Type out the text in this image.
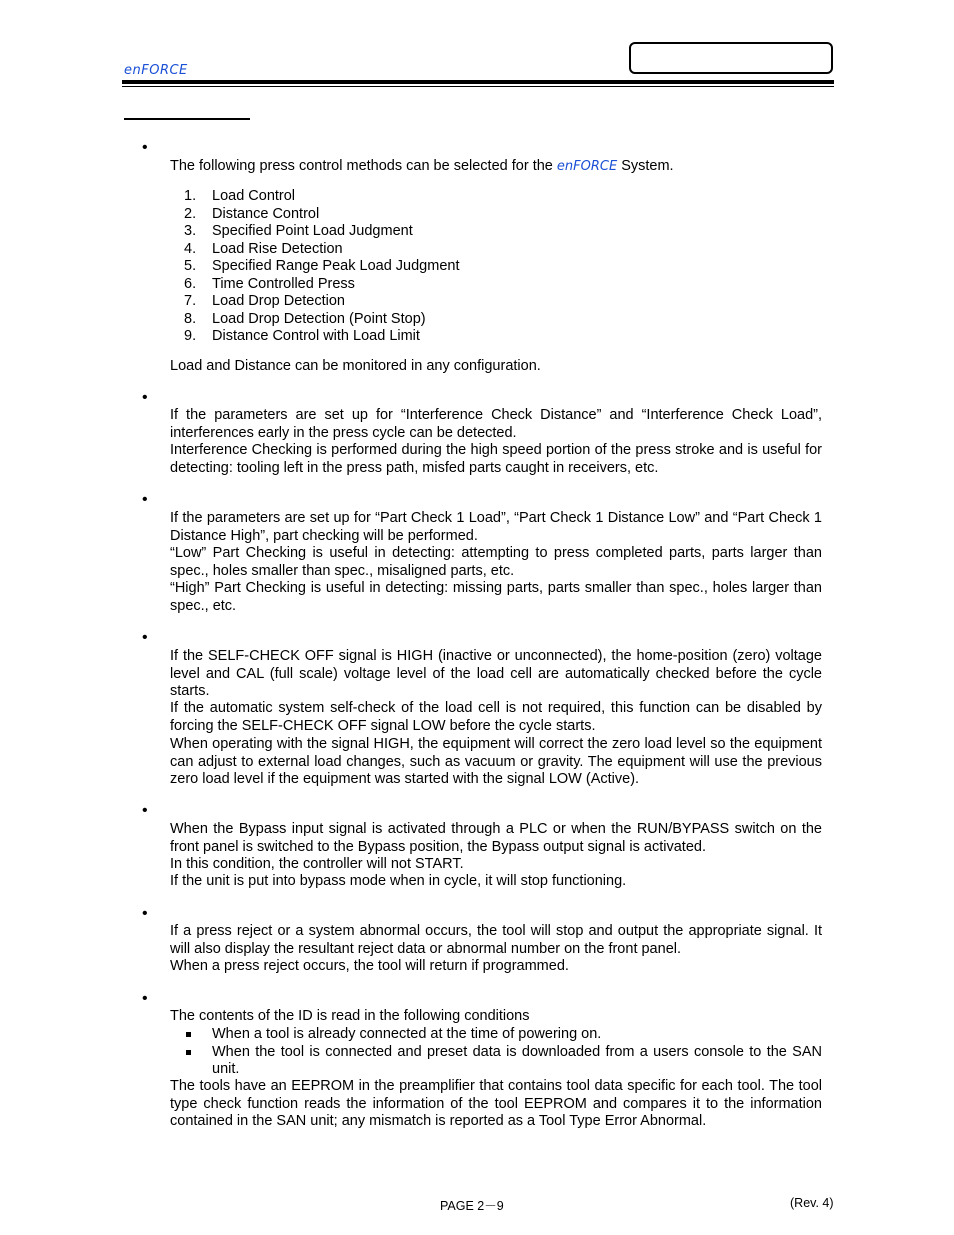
enFORCE
•

The following press control methods can be selected for the enFORCE System.

1.	Load Control
2.	Distance Control
3.	Specified Point Load Judgment
4.	Load Rise Detection
5.	Specified Range Peak Load Judgment
6.	Time Controlled Press
7.	Load Drop Detection
8.	Load Drop Detection (Point Stop)
9.	Distance Control with Load Limit

Load and Distance can be monitored in any configuration.

•

If the parameters are set up for “Interference Check Distance” and “Interference Check Load”, interferences early in the press cycle can be detected.

Interference Checking is performed during the high speed portion of the press stroke and is useful for detecting: tooling left in the press path, misfed parts caught in receivers, etc.

•

If the parameters are set up for “Part Check 1 Load”, “Part Check 1 Distance Low” and “Part Check 1 Distance High”, part checking will be performed.

“Low” Part Checking is useful in detecting: attempting to press completed parts, parts larger than spec., holes smaller than spec., misaligned parts, etc.

“High” Part Checking is useful in detecting: missing parts, parts smaller than spec., holes larger than spec., etc.

•

If the SELF-CHECK OFF signal is HIGH (inactive or unconnected), the home-position (zero) voltage level and CAL (full scale) voltage level of the load cell are automatically checked before the cycle starts.

If the automatic system self-check of the load cell is not required, this function can be disabled by forcing the SELF-CHECK OFF signal LOW before the cycle starts.

When operating with the signal HIGH, the equipment will correct the zero load level so the equipment can adjust to external load changes, such as vacuum or gravity. The equipment will use the previous zero load level if the equipment was started with the signal LOW (Active).

•

When the Bypass input signal is activated through a PLC or when the RUN/BYPASS switch on the front panel is switched to the Bypass position, the Bypass output signal is activated.

In this condition, the controller will not START.

If the unit is put into bypass mode when in cycle, it will stop functioning.

•

If a press reject or a system abnormal occurs, the tool will stop and output the appropriate signal. It will also display the resultant reject data or abnormal number on the front panel.

When a press reject occurs, the tool will return if programmed.

•

The contents of the ID is read in the following conditions

When a tool is already connected at the time of powering on.
When the tool is connected and preset data is downloaded from a users console to the SAN unit.

The tools have an EEPROM in the preamplifier that contains tool data specific for each tool. The tool type check function reads the information of the tool EEPROM and compares it to the information contained in the SAN unit; any mismatch is reported as a Tool Type Error Abnormal.

PAGE 2－9	(Rev. 4)
